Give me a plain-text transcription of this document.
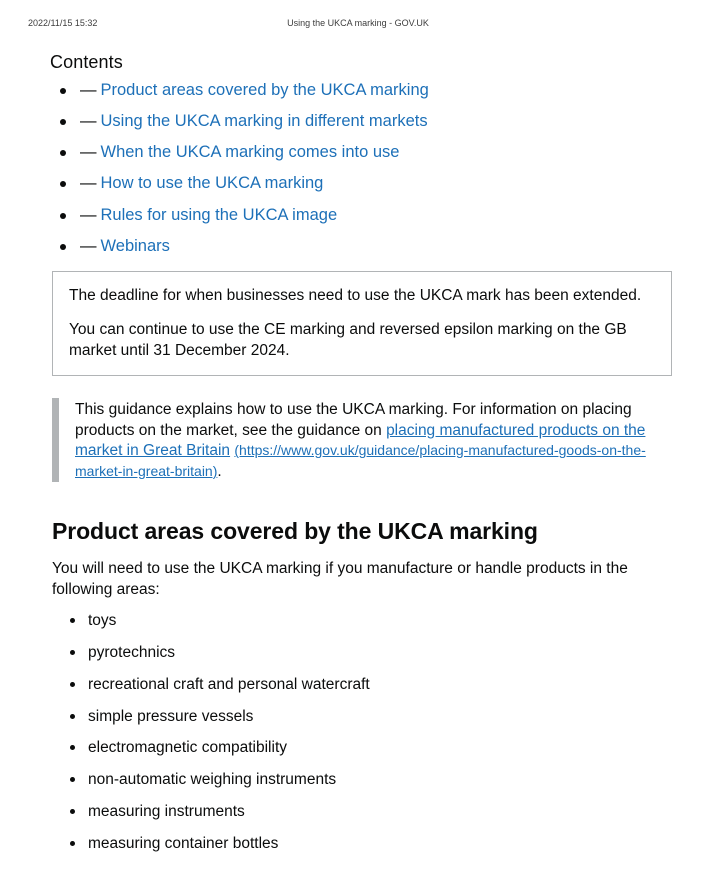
2022/11/15 15:32	Using the UKCA marking - GOV.UK
Contents
— Product areas covered by the UKCA marking
— Using the UKCA marking in different markets
— When the UKCA marking comes into use
— How to use the UKCA marking
— Rules for using the UKCA image
— Webinars

The deadline for when businesses need to use the UKCA mark has been extended.

You can continue to use the CE marking and reversed epsilon marking on the GB market until 31 December 2024.

This guidance explains how to use the UKCA marking. For information on placing products on the market, see the guidance on placing manufactured products on the market in Great Britain (https://www.gov.uk/guidance/placing-manufactured-goods-on-the-market-in-great-britain).
Product areas covered by the UKCA marking

You will need to use the UKCA marking if you manufacture or handle products in the following areas:

toys
pyrotechnics
recreational craft and personal watercraft
simple pressure vessels
electromagnetic compatibility
non-automatic weighing instruments
measuring instruments
measuring container bottles
